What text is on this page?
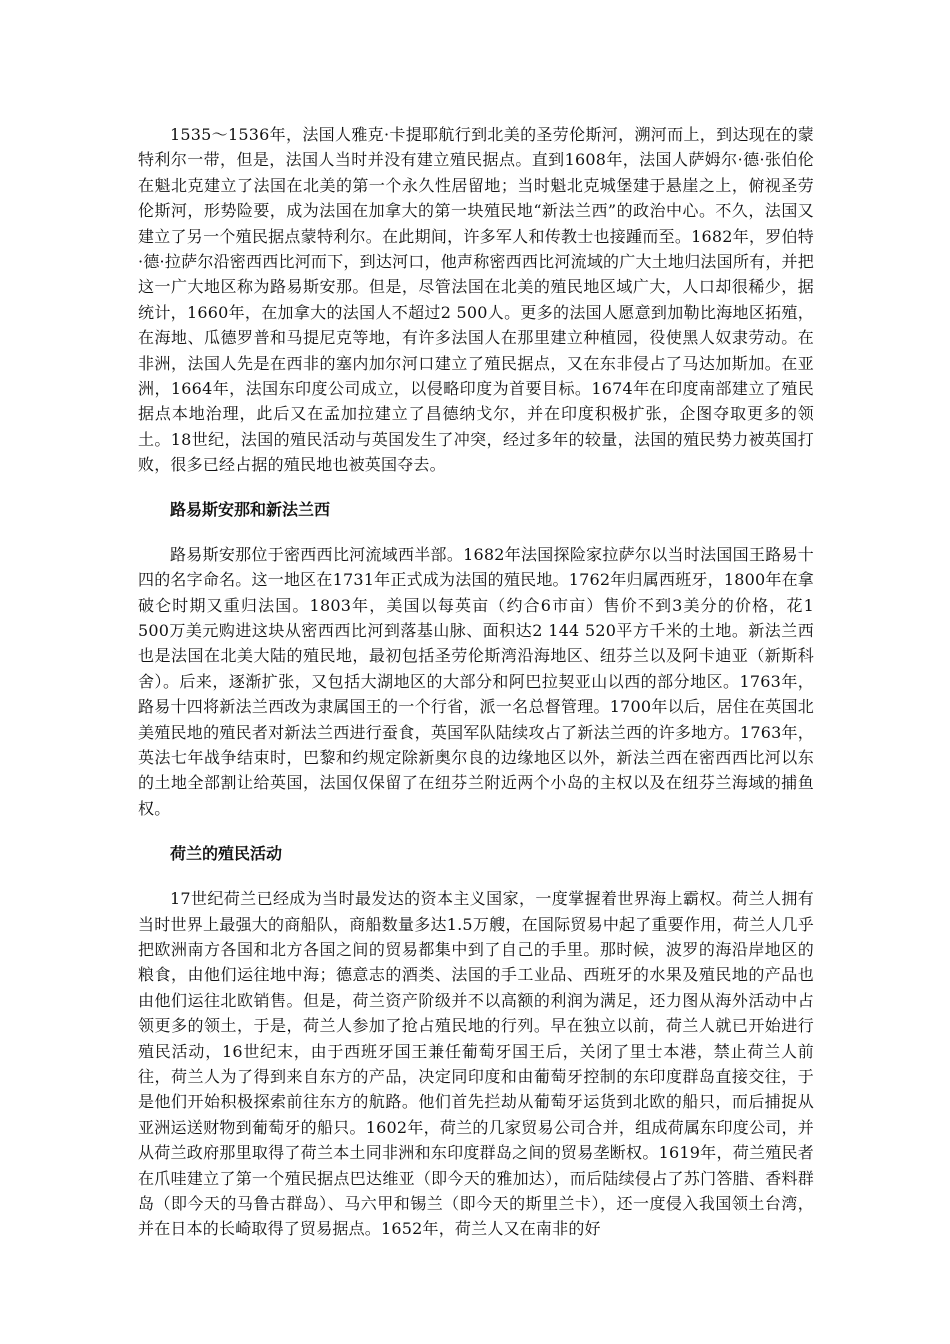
1535～1536年，法国人雅克·卡提耶航行到北美的圣劳伦斯河，溯河而上，到达现在的蒙特利尔一带，但是，法国人当时并没有建立殖民据点。直到1608年，法国人萨姆尔·德·张伯伦在魁北克建立了法国在北美的第一个永久性居留地；当时魁北克城堡建于悬崖之上，俯视圣劳伦斯河，形势险要，成为法国在加拿大的第一块殖民地“新法兰西”的政治中心。不久，法国又建立了另一个殖民据点蒙特利尔。在此期间，许多军人和传教士也接踵而至。1682年，罗伯特·德·拉萨尔沿密西西比河而下，到达河口，他声称密西西比河流域的广大土地归法国所有，并把这一广大地区称为路易斯安那。但是，尽管法国在北美的殖民地区域广大，人口却很稀少，据统计，1660年，在加拿大的法国人不超过2 500人。更多的法国人愿意到加勒比海地区拓殖，在海地、瓜德罗普和马提尼克等地，有许多法国人在那里建立种植园，役使黑人奴隶劳动。在非洲，法国人先是在西非的塞内加尔河口建立了殖民据点，又在东非侵占了马达加斯加。在亚洲，1664年，法国东印度公司成立，以侵略印度为首要目标。1674年在印度南部建立了殖民据点本地治理，此后又在孟加拉建立了昌德纳戈尔，并在印度积极扩张，企图夺取更多的领土。18世纪，法国的殖民活动与英国发生了冲突，经过多年的较量，法国的殖民势力被英国打败，很多已经占据的殖民地也被英国夺去。

路易斯安那和新法兰西

路易斯安那位于密西西比河流域西半部。1682年法国探险家拉萨尔以当时法国国王路易十四的名字命名。这一地区在1731年正式成为法国的殖民地。1762年归属西班牙，1800年在拿破仑时期又重归法国。1803年，美国以每英亩（约合6市亩）售价不到3美分的价格，花1 500万美元购进这块从密西西比河到落基山脉、面积达2 144 520平方千米的土地。新法兰西也是法国在北美大陆的殖民地，最初包括圣劳伦斯湾沿海地区、纽芬兰以及阿卡迪亚（新斯科舍）。后来，逐渐扩张，又包括大湖地区的大部分和阿巴拉契亚山以西的部分地区。1763年，路易十四将新法兰西改为隶属国王的一个行省，派一名总督管理。1700年以后，居住在英国北美殖民地的殖民者对新法兰西进行蚕食，英国军队陆续攻占了新法兰西的许多地方。1763年，英法七年战争结束时，巴黎和约规定除新奥尔良的边缘地区以外，新法兰西在密西西比河以东的土地全部割让给英国，法国仅保留了在纽芬兰附近两个小岛的主权以及在纽芬兰海域的捕鱼权。

荷兰的殖民活动

17世纪荷兰已经成为当时最发达的资本主义国家，一度掌握着世界海上霸权。荷兰人拥有当时世界上最强大的商船队，商船数量多达1.5万艘，在国际贸易中起了重要作用，荷兰人几乎把欧洲南方各国和北方各国之间的贸易都集中到了自己的手里。那时候，波罗的海沿岸地区的粮食，由他们运往地中海；德意志的酒类、法国的手工业品、西班牙的水果及殖民地的产品也由他们运往北欧销售。但是，荷兰资产阶级并不以高额的利润为满足，还力图从海外活动中占领更多的领土，于是，荷兰人参加了抢占殖民地的行列。早在独立以前，荷兰人就已开始进行殖民活动，16世纪末，由于西班牙国王兼任葡萄牙国王后，关闭了里士本港，禁止荷兰人前往，荷兰人为了得到来自东方的产品，决定同印度和由葡萄牙控制的东印度群岛直接交往，于是他们开始积极探索前往东方的航路。他们首先拦劫从葡萄牙运货到北欧的船只，而后捕捉从亚洲运送财物到葡萄牙的船只。1602年，荷兰的几家贸易公司合并，组成荷属东印度公司，并从荷兰政府那里取得了荷兰本土同非洲和东印度群岛之间的贸易垄断权。1619年，荷兰殖民者在爪哇建立了第一个殖民据点巴达维亚（即今天的雅加达），而后陆续侵占了苏门答腊、香料群岛（即今天的马鲁古群岛）、马六甲和锡兰（即今天的斯里兰卡），还一度侵入我国领土台湾，并在日本的长崎取得了贸易据点。1652年，荷兰人又在南非的好
